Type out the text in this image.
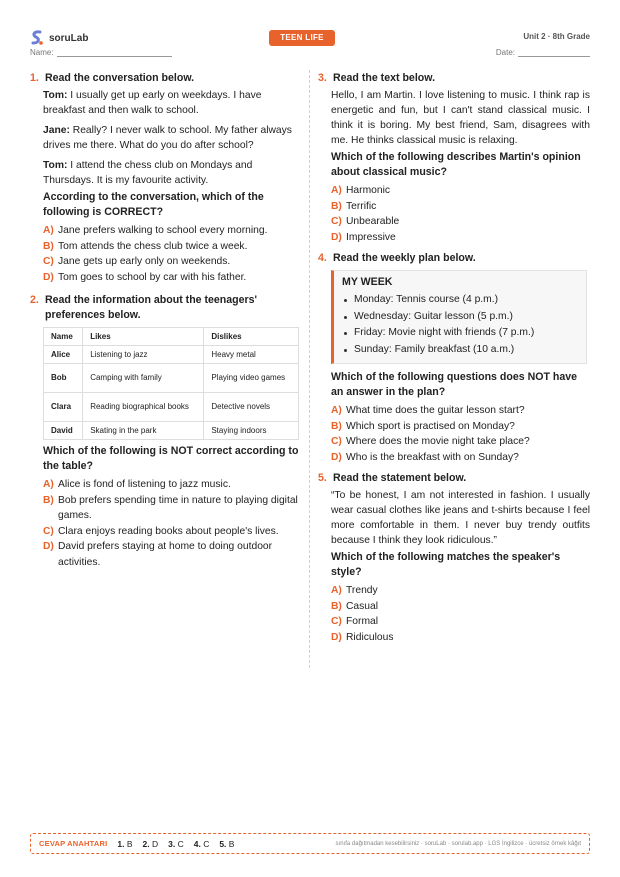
soruLab	TEEN LIFE	Unit 2 · 8th Grade
Name:	Date:
1. Read the conversation below.

Tom: I usually get up early on weekdays. I have breakfast and then walk to school.

Jane: Really? I never walk to school. My father always drives me there. What do you do after school?

Tom: I attend the chess club on Mondays and Thursdays. It is my favourite activity.

According to the conversation, which of the following is CORRECT?

A) Jane prefers walking to school every morning.
B) Tom attends the chess club twice a week.
C) Jane gets up early only on weekends.
D) Tom goes to school by car with his father.
2. Read the information about the teenagers' preferences below.
Name	Likes	Dislikes
Alice	Listening to jazz	Heavy metal
Bob	Camping with family	Playing video games
Clara	Reading biographical books	Detective novels
David	Skating in the park	Staying indoors

Which of the following is NOT correct according to the table?

A) Alice is fond of listening to jazz music.
B) Bob prefers spending time in nature to playing digital games.
C) Clara enjoys reading books about people's lives.
D) David prefers staying at home to doing outdoor activities.
3. Read the text below.

Hello, I am Martin. I love listening to music. I think rap is energetic and fun, but I can't stand classical music. I think it is boring. My best friend, Sam, disagrees with me. He thinks classical music is relaxing.

Which of the following describes Martin's opinion about classical music?

A) Harmonic
B) Terrific
C) Unbearable
D) Impressive
4. Read the weekly plan below.
MY WEEK
Monday: Tennis course (4 p.m.)
Wednesday: Guitar lesson (5 p.m.)
Friday: Movie night with friends (7 p.m.)
Sunday: Family breakfast (10 a.m.)

Which of the following questions does NOT have an answer in the plan?

A) What time does the guitar lesson start?
B) Which sport is practised on Monday?
C) Where does the movie night take place?
D) Who is the breakfast with on Sunday?
5. Read the statement below.

“To be honest, I am not interested in fashion. I usually wear casual clothes like jeans and t-shirts because I feel more comfortable in them. I never buy trendy outfits because I think they look ridiculous.”

Which of the following matches the speaker's style?

A) Trendy
B) Casual
C) Formal
D) Ridiculous
CEVAP ANAHTARI 1. B 2. D 3. C 4. C 5. B	sınıfa dağıtmadan kesebilirsiniz · soruLab · sorulab.app · LGS İngilizce · ücretsiz örnek kâğıt
